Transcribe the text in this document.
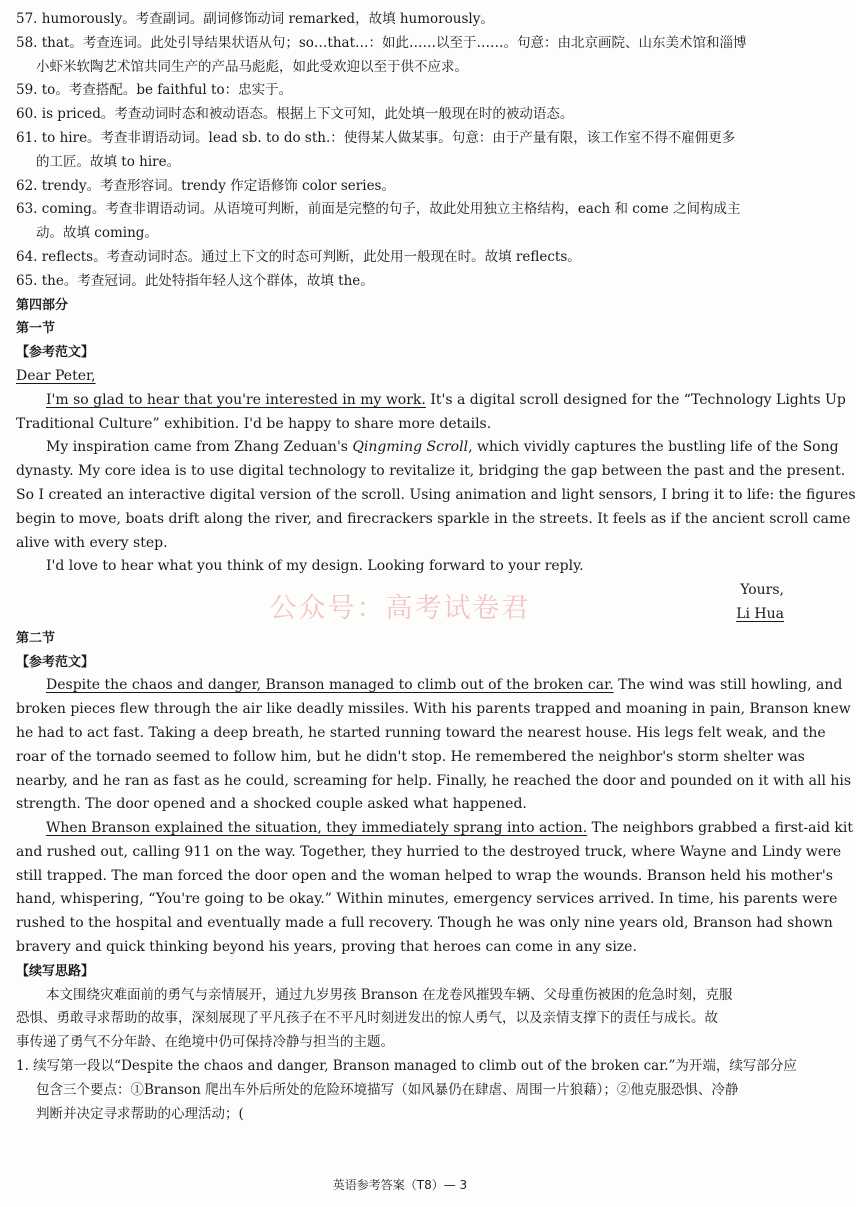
57. humorously。考查副词。副词修饰动词 remarked，故填 humorously。
58. that。考查连词。此处引导结果状语从句；so…that…：如此……以至于……。句意：由北京画院、山东美术馆和淄博
小虾米软陶艺术馆共同生产的产品马彪彪，如此受欢迎以至于供不应求。
59. to。考查搭配。be faithful to：忠实于。
60. is priced。考查动词时态和被动语态。根据上下文可知，此处填一般现在时的被动语态。
61. to hire。考查非谓语动词。lead sb. to do sth.：使得某人做某事。句意：由于产量有限，该工作室不得不雇佣更多
的工匠。故填 to hire。
62. trendy。考查形容词。trendy 作定语修饰 color series。
63. coming。考查非谓语动词。从语境可判断，前面是完整的句子，故此处用独立主格结构，each 和 come 之间构成主
动。故填 coming。
64. reflects。考查动词时态。通过上下文的时态可判断，此处用一般现在时。故填 reflects。
65. the。考查冠词。此处特指年轻人这个群体，故填 the。
第四部分
第一节
【参考范文】
Dear Peter,
I'm so glad to hear that you're interested in my work. It's a digital scroll designed for the “Technology Lights Up
Traditional Culture” exhibition. I'd be happy to share more details.
My inspiration came from Zhang Zeduan's Qingming Scroll, which vividly captures the bustling life of the Song
dynasty. My core idea is to use digital technology to revitalize it, bridging the gap between the past and the present.
So I created an interactive digital version of the scroll. Using animation and light sensors, I bring it to life: the figures
begin to move, boats drift along the river, and firecrackers sparkle in the streets. It feels as if the ancient scroll came
alive with every step.
I'd love to hear what you think of my design. Looking forward to your reply.
Yours,
Li Hua
第二节
【参考范文】
Despite the chaos and danger, Branson managed to climb out of the broken car. The wind was still howling, and
broken pieces flew through the air like deadly missiles. With his parents trapped and moaning in pain, Branson knew
he had to act fast. Taking a deep breath, he started running toward the nearest house. His legs felt weak, and the
roar of the tornado seemed to follow him, but he didn't stop. He remembered the neighbor's storm shelter was
nearby, and he ran as fast as he could, screaming for help. Finally, he reached the door and pounded on it with all his
strength. The door opened and a shocked couple asked what happened.
When Branson explained the situation, they immediately sprang into action. The neighbors grabbed a first-aid kit
and rushed out, calling 911 on the way. Together, they hurried to the destroyed truck, where Wayne and Lindy were
still trapped. The man forced the door open and the woman helped to wrap the wounds. Branson held his mother's
hand, whispering, “You're going to be okay.” Within minutes, emergency services arrived. In time, his parents were
rushed to the hospital and eventually made a full recovery. Though he was only nine years old, Branson had shown
bravery and quick thinking beyond his years, proving that heroes can come in any size.
【续写思路】
本文围绕灾难面前的勇气与亲情展开，通过九岁男孩 Branson 在龙卷风摧毁车辆、父母重伤被困的危急时刻，克服
恐惧、勇敢寻求帮助的故事，深刻展现了平凡孩子在不平凡时刻迸发出的惊人勇气，以及亲情支撑下的责任与成长。故
事传递了勇气不分年龄、在绝境中仍可保持冷静与担当的主题。
1. 续写第一段以“Despite the chaos and danger, Branson managed to climb out of the broken car.”为开端，续写部分应
包含三个要点：①Branson 爬出车外后所处的危险环境描写（如风暴仍在肆虐、周围一片狼藉）；②他克服恐惧、冷静
判断并决定寻求帮助的心理活动；(
公众号：高考试卷君
英语参考答案（T8）— 3
